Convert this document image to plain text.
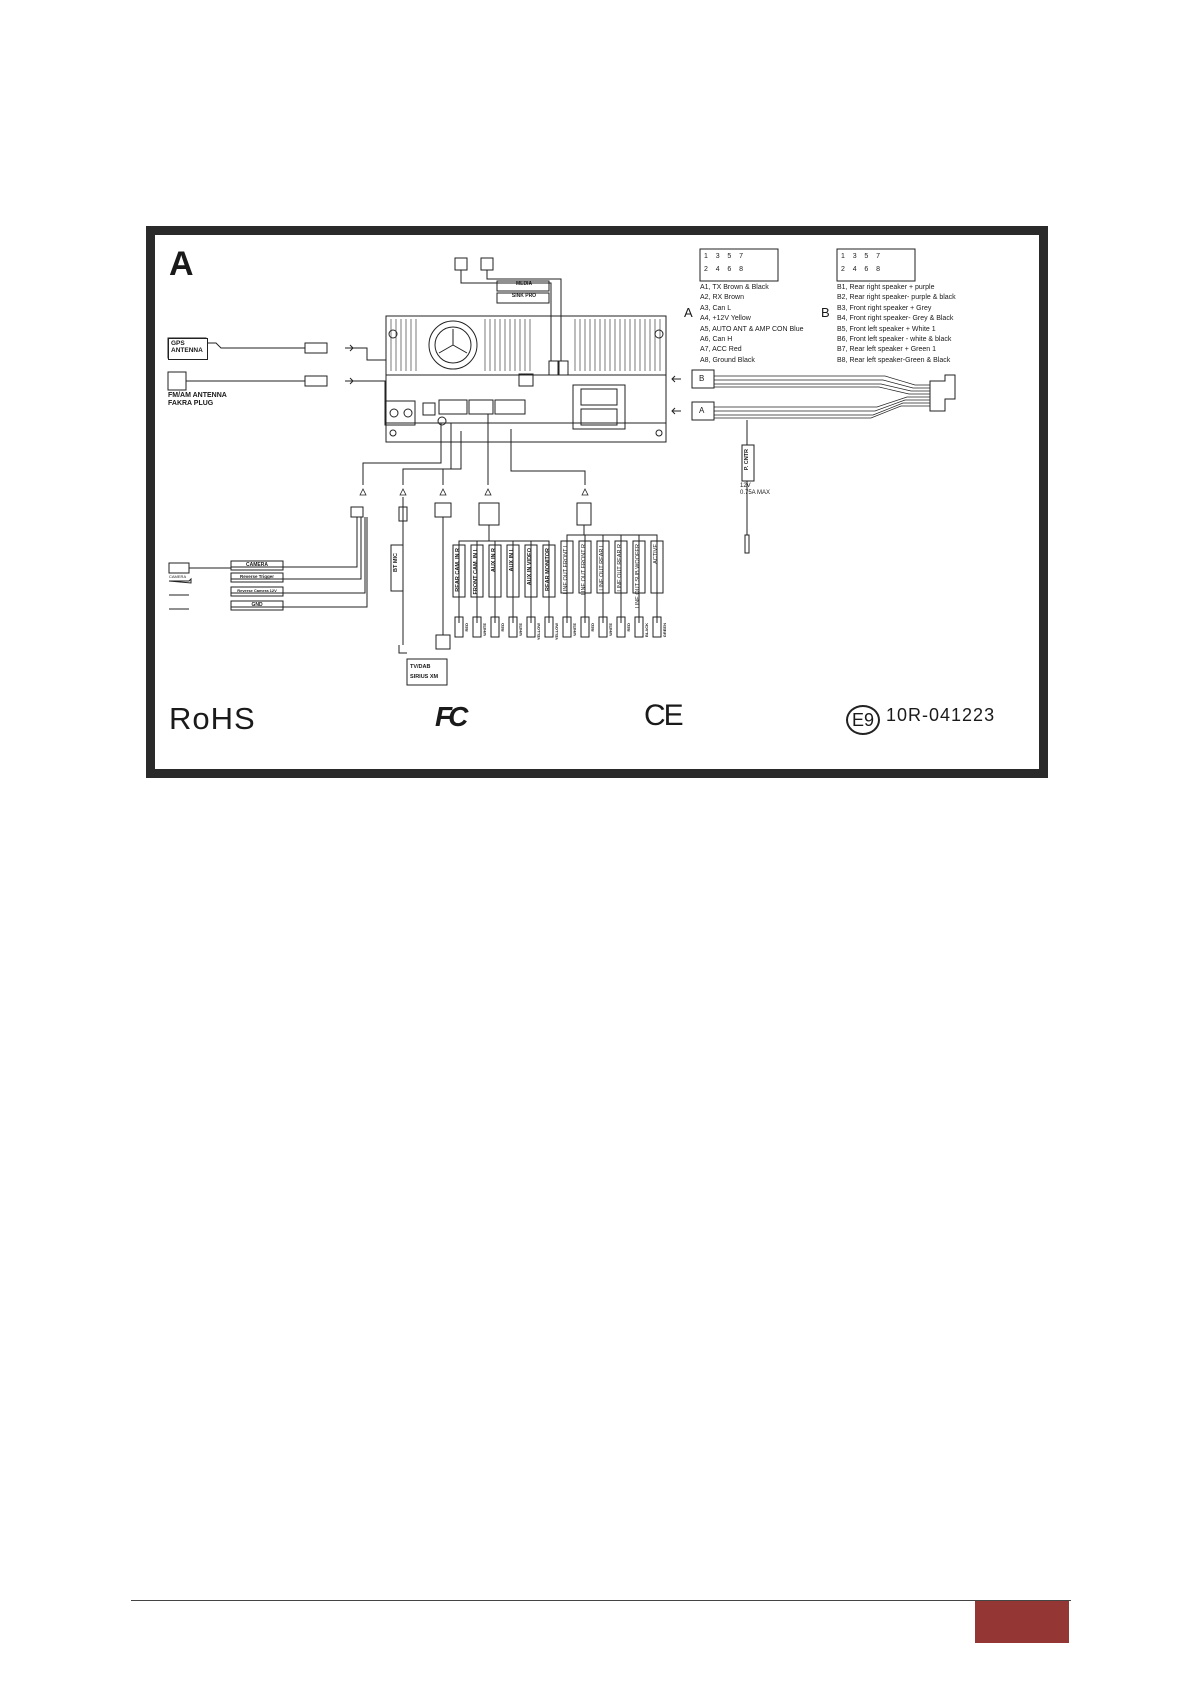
A
GPS
ANTENNA
FM/AM ANTENNA
FAKRA PLUG
MEDIA
SINK PRO
1 3 5 7
2 4 6 8
A
A1, TX Brown & Black
A2, RX Brown
A3, Can L
A4, +12V Yellow
A5, AUTO ANT & AMP CON Blue
A6, Can H
A7, ACC Red
A8, Ground Black
1 3 5 7
2 4 6 8
B
B1, Rear right speaker + purple
B2, Rear right speaker- purple & black
B3, Front right speaker + Grey
B4, Front right speaker- Grey & Black
B5, Front left speaker + White 1
B6, Front left speaker - white & black
B7, Rear left speaker + Green 1
B8, Rear left speaker-Green & Black
B
A
P. CNTR
12V
0.75A MAX
CAMERA
Reverse Trigger
Reverse Camera 12V
GND
CAMERA
BT MIC
TV/DAB
SIRIUS XM
REAR CAM. IN R FRONT CAM. IN L AUX IN R AUX IN L AUX IN VIDEO REAR MONITOR LINE OUT FRONT L LINE OUT FRONT R LINE OUT REAR L LINE OUT REAR R LINE OUT SUB WOOFER ACTIVE
RED	WHITE	RED	WHITE	YELLOW	YELLOW	WHITE	RED	WHITE	RED	BLACK	GREEN
RoHS	FC	CE	E9 10R-041223
